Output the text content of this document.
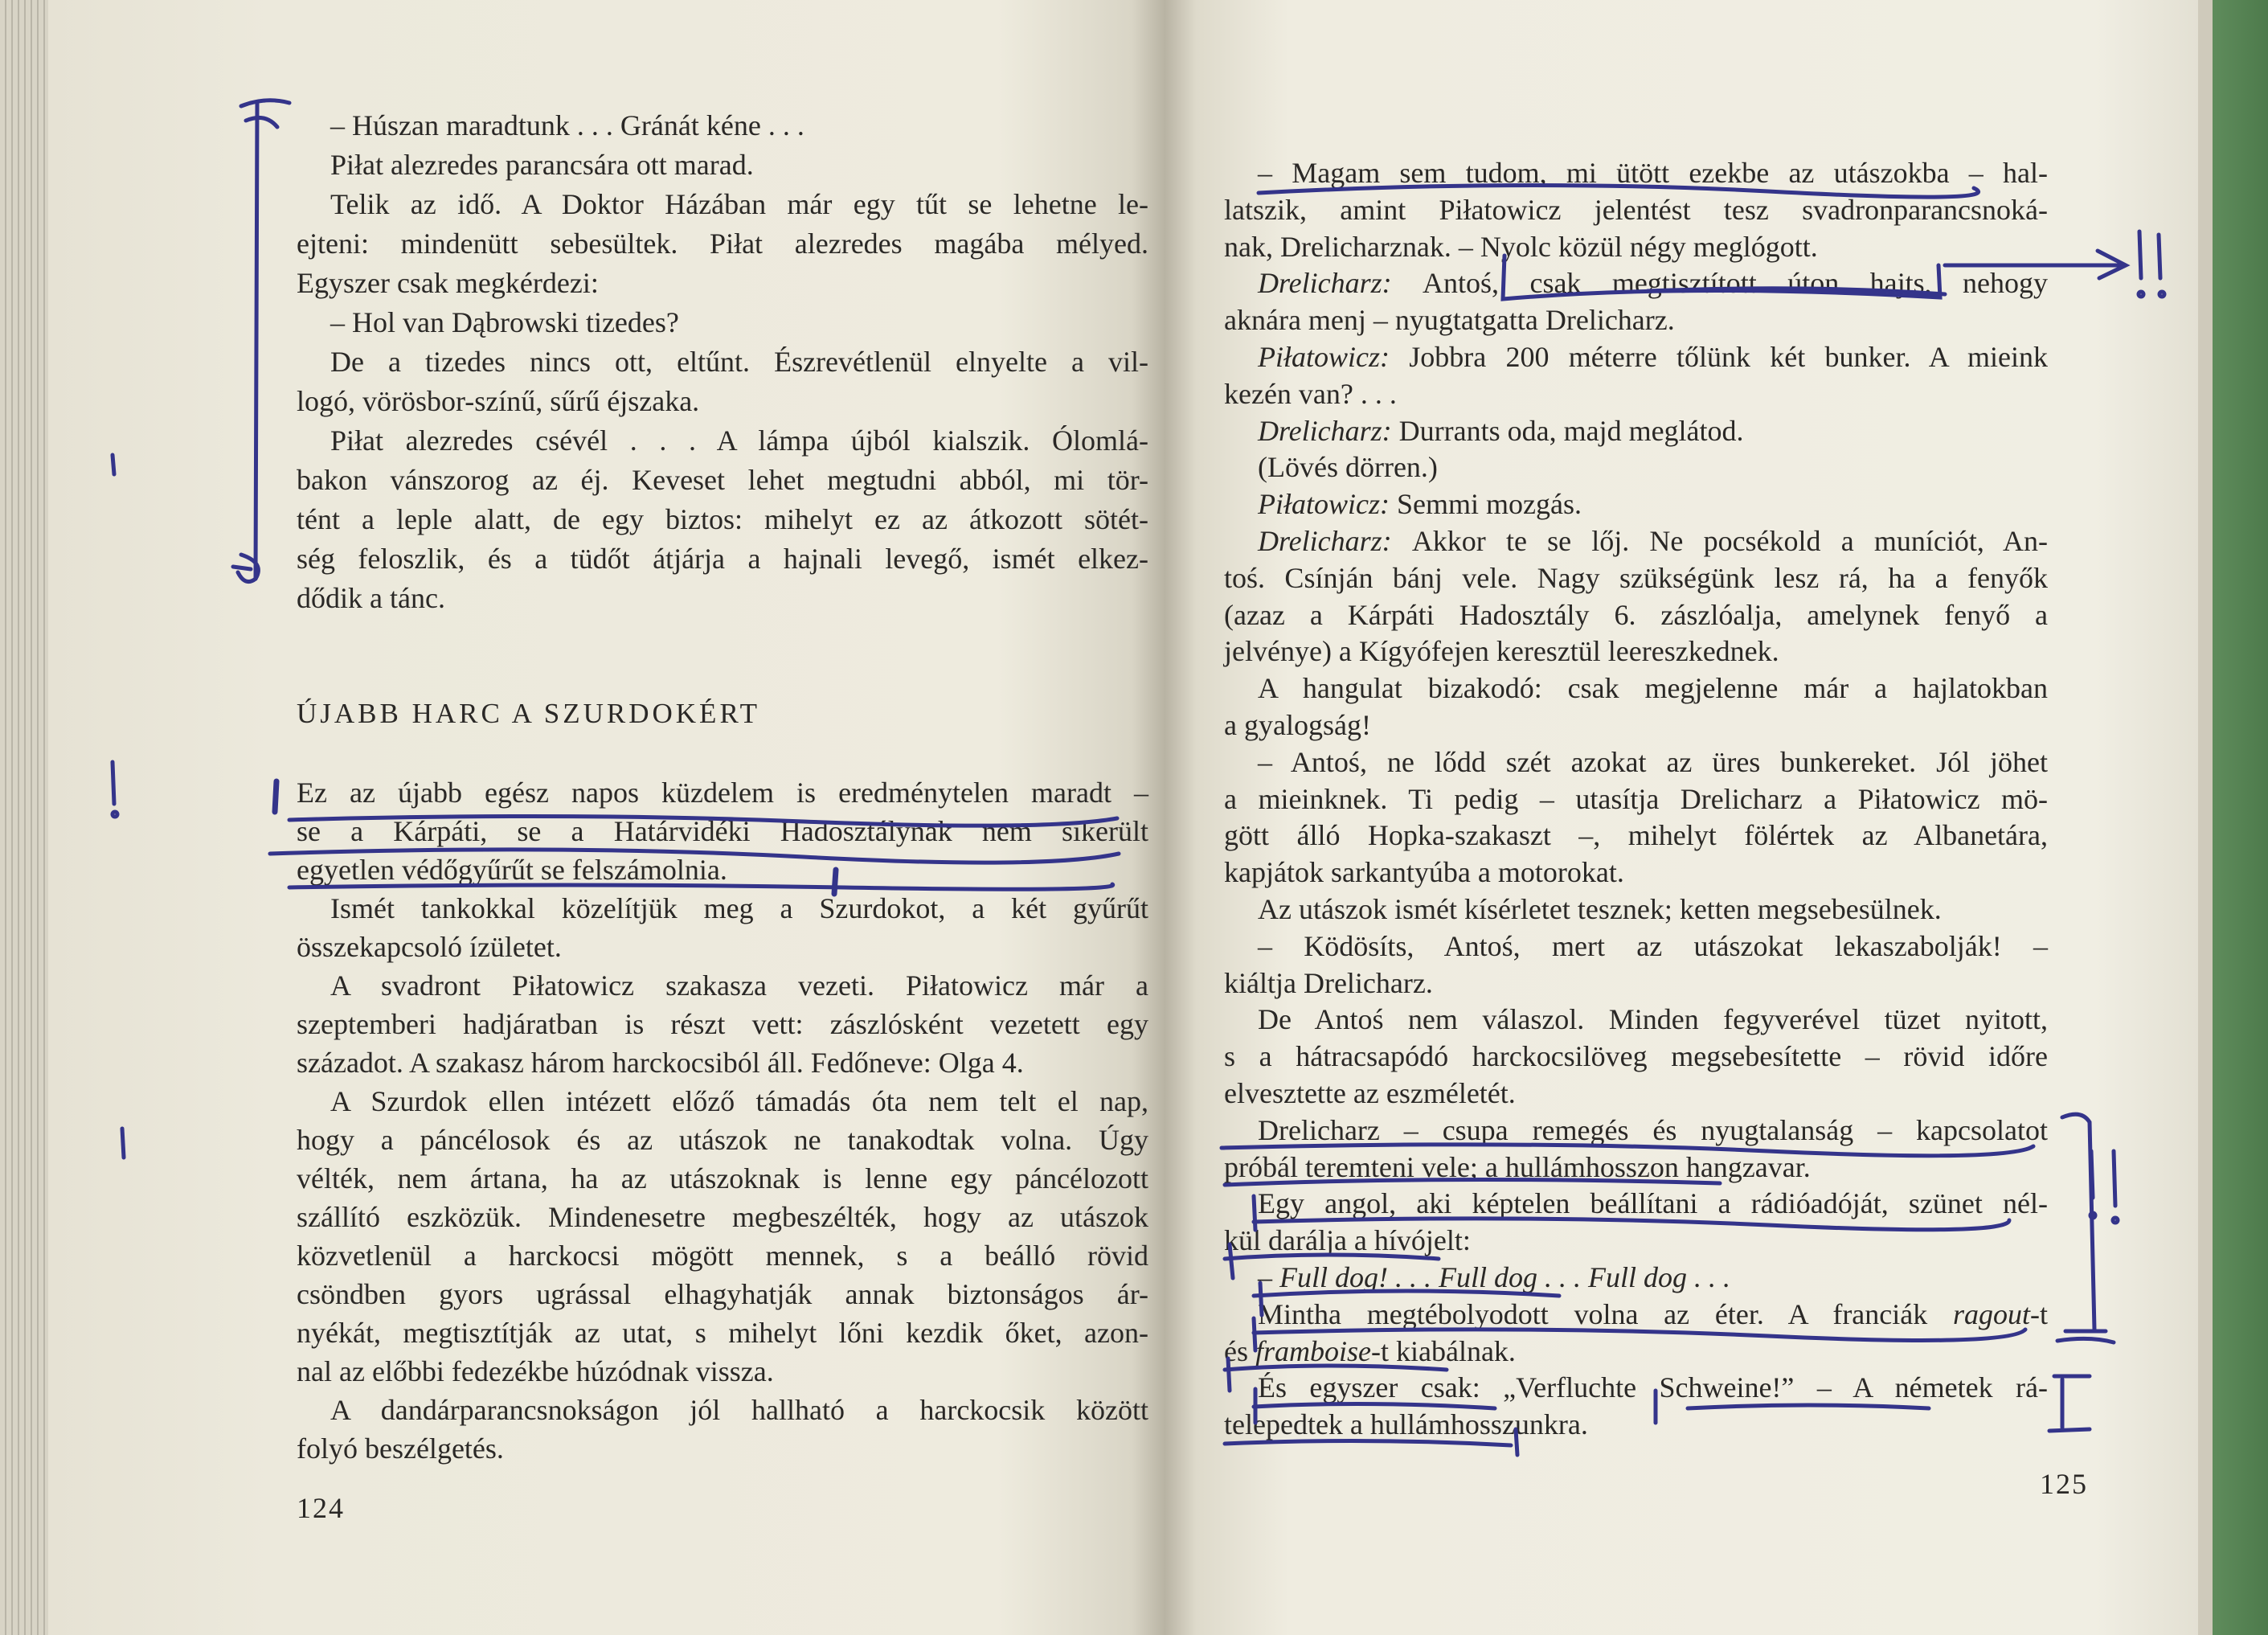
– Húszan maradtunk . . . Gránát kéne . . .
Piłat alezredes parancsára ott marad.
Telik az idő. A Doktor Házában már egy tűt se lehetne le-
ejteni: mindenütt sebesültek. Piłat alezredes magába mélyed.
Egyszer csak megkérdezi:
– Hol van Dąbrowski tizedes?
De a tizedes nincs ott, eltűnt. Észrevétlenül elnyelte a vil-
logó, vörösbor-színű, sűrű éjszaka.
Piłat alezredes csévél . . . A lámpa újból kialszik. Ólomlá-
bakon vánszorog az éj. Keveset lehet megtudni abból, mi tör-
tént a leple alatt, de egy biztos: mihelyt ez az átkozott sötét-
ség feloszlik, és a tüdőt átjárja a hajnali levegő, ismét elkez-
dődik a tánc.
ÚJABB HARC A SZURDOKÉRT
Ez az újabb egész napos küzdelem is eredménytelen maradt –
se a Kárpáti, se a Határvidéki Hadosztálynak nem sikerült
egyetlen védőgyűrűt se felszámolnia.
Ismét tankokkal közelítjük meg a Szurdokot, a két gyűrűt
összekapcsoló ízületet.
A svadront Piłatowicz szakasza vezeti. Piłatowicz már a
szeptemberi hadjáratban is részt vett: zászlósként vezetett egy
századot. A szakasz három harckocsiból áll. Fedőneve: Olga 4.
A Szurdok ellen intézett előző támadás óta nem telt el nap,
hogy a páncélosok és az utászok ne tanakodtak volna. Úgy
vélték, nem ártana, ha az utászoknak is lenne egy páncélozott
szállító eszközük. Mindenesetre megbeszélték, hogy az utászok
közvetlenül a harckocsi mögött mennek, s a beálló rövid
csöndben gyors ugrással elhagyhatják annak biztonságos ár-
nyékát, megtisztítják az utat, s mihelyt lőni kezdik őket, azon-
nal az előbbi fedezékbe húzódnak vissza.
A dandárparancsnokságon jól hallható a harckocsik között
folyó beszélgetés.
124
– Magam sem tudom, mi ütött ezekbe az utászokba – hal-
latszik, amint Piłatowicz jelentést tesz svadronparancsnoká-
nak, Drelicharznak. – Nyolc közül négy meglógott.
Drelicharz: Antoś, csak megtisztított úton hajts, nehogy
aknára menj – nyugtatgatta Drelicharz.
Piłatowicz: Jobbra 200 méterre tőlünk két bunker. A mieink
kezén van? . . .
Drelicharz: Durrants oda, majd meglátod.
(Lövés dörren.)
Piłatowicz: Semmi mozgás.
Drelicharz: Akkor te se lőj. Ne pocsékold a muníciót, An-
toś. Csínján bánj vele. Nagy szükségünk lesz rá, ha a fenyők
(azaz a Kárpáti Hadosztály 6. zászlóalja, amelynek fenyő a
jelvénye) a Kígyófejen keresztül leereszkednek.
A hangulat bizakodó: csak megjelenne már a hajlatokban
a gyalogság!
– Antoś, ne lődd szét azokat az üres bunkereket. Jól jöhet
a mieinknek. Ti pedig – utasítja Drelicharz a Piłatowicz mö-
gött álló Hopka-szakaszt –, mihelyt fölértek az Albanetára,
kapjátok sarkantyúba a motorokat.
Az utászok ismét kísérletet tesznek; ketten megsebesülnek.
– Ködösíts, Antoś, mert az utászokat lekaszabolják! –
kiáltja Drelicharz.
De Antoś nem válaszol. Minden fegyverével tüzet nyitott,
s a hátracsapódó harckocsilöveg megsebesítette – rövid időre
elvesztette az eszméletét.
Drelicharz – csupa remegés és nyugtalanság – kapcsolatot
próbál teremteni vele; a hullámhosszon hangzavar.
Egy angol, aki képtelen beállítani a rádióadóját, szünet nél-
kül darálja a hívójelt:
– Full dog! . . . Full dog . . . Full dog . . .
Mintha megtébolyodott volna az éter. A franciák ragout-t
és framboise-t kiabálnak.
És egyszer csak: „Verfluchte Schweine!” – A németek rá-
telepedtek a hullámhosszunkra.
125
